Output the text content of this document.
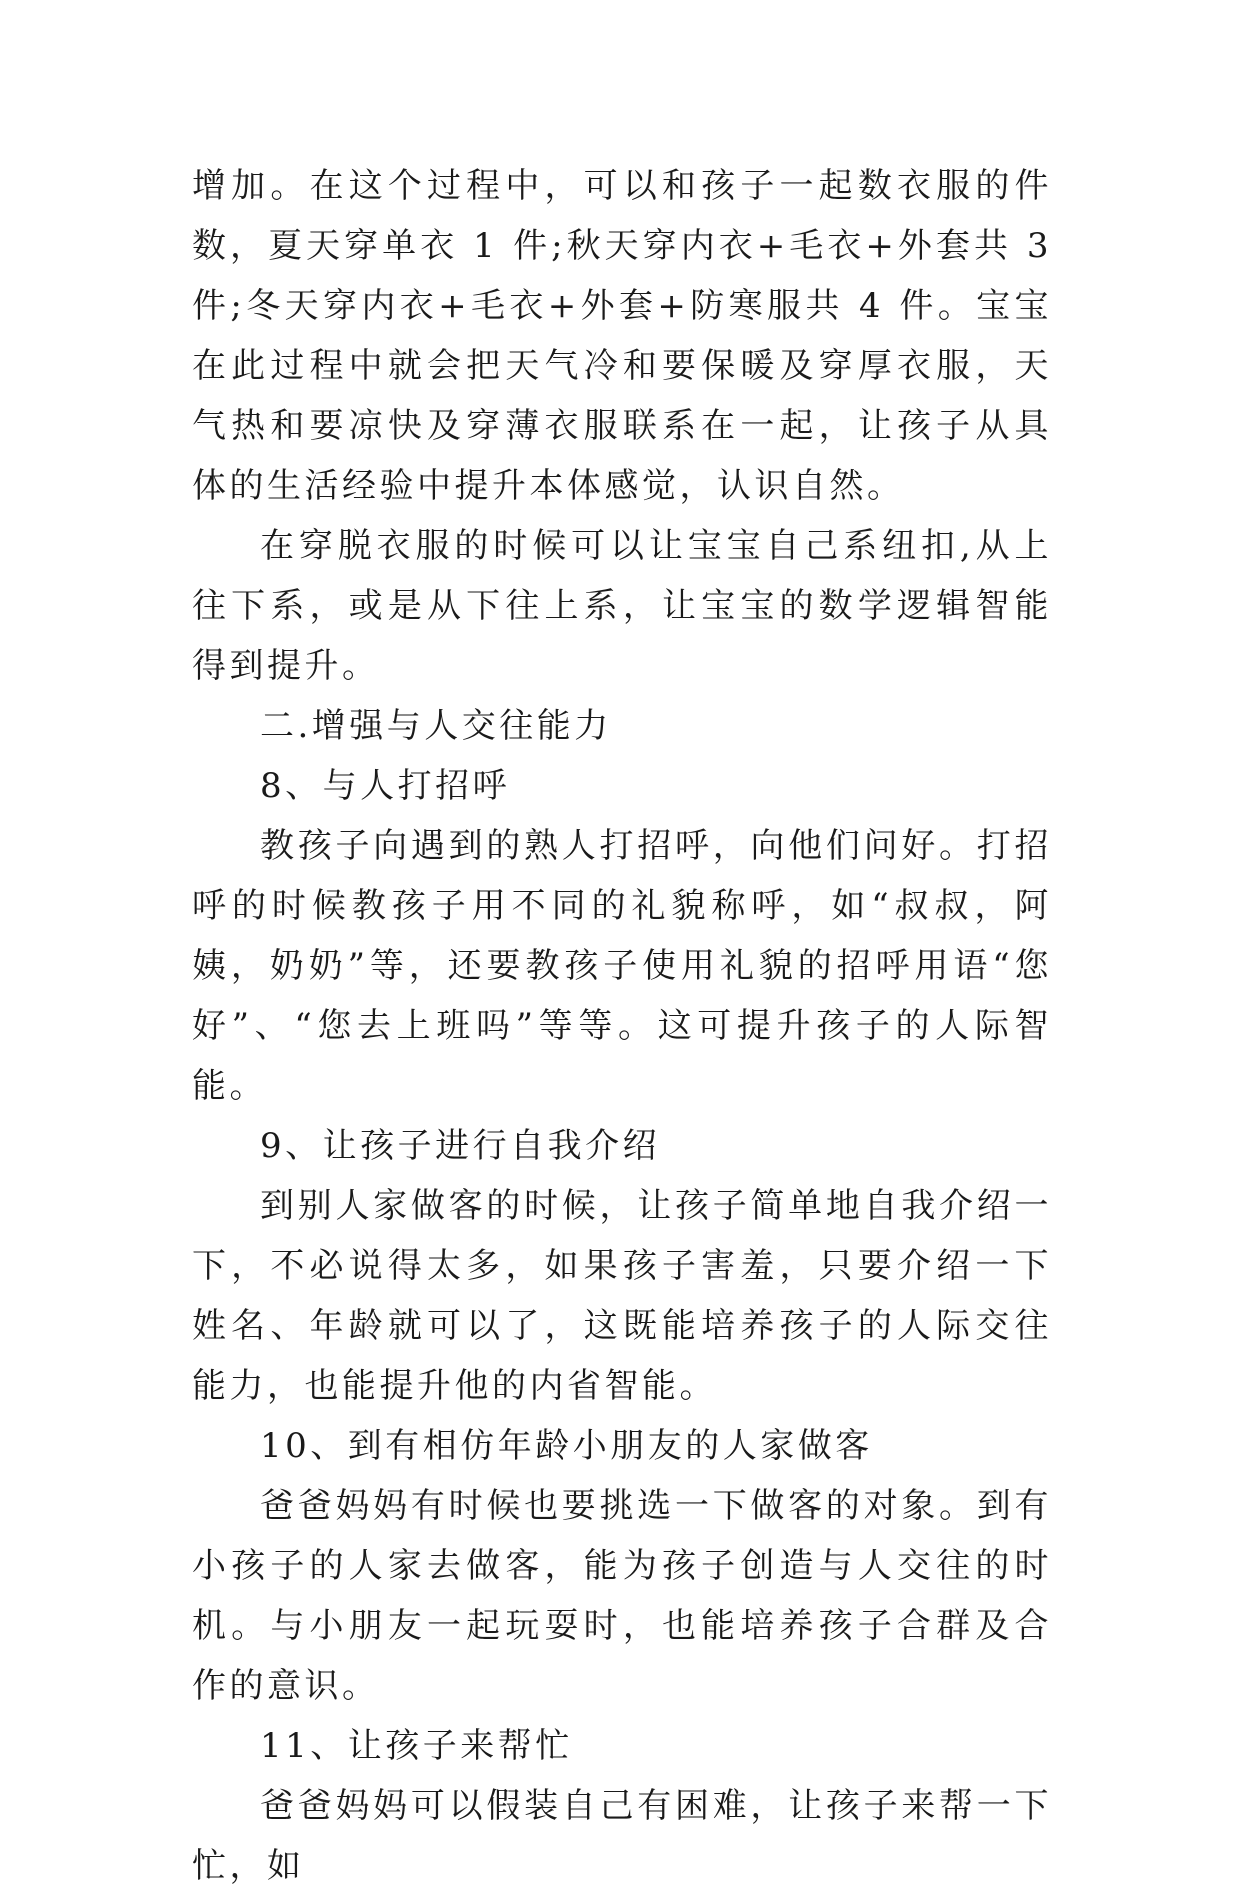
增加。在这个过程中，可以和孩子一起数衣服的件数，夏天穿单衣 1 件;秋天穿内衣+毛衣+外套共 3 件;冬天穿内衣+毛衣+外套+防寒服共 4 件。宝宝在此过程中就会把天气冷和要保暖及穿厚衣服，天气热和要凉快及穿薄衣服联系在一起，让孩子从具体的生活经验中提升本体感觉，认识自然。

在穿脱衣服的时候可以让宝宝自己系纽扣,从上往下系，或是从下往上系，让宝宝的数学逻辑智能得到提升。

二.增强与人交往能力

8、与人打招呼

教孩子向遇到的熟人打招呼，向他们问好。打招呼的时候教孩子用不同的礼貌称呼，如“叔叔，阿姨，奶奶”等，还要教孩子使用礼貌的招呼用语“您好”、“您去上班吗”等等。这可提升孩子的人际智能。

9、让孩子进行自我介绍

到别人家做客的时候，让孩子简单地自我介绍一下，不必说得太多，如果孩子害羞，只要介绍一下姓名、年龄就可以了，这既能培养孩子的人际交往能力，也能提升他的内省智能。

10、到有相仿年龄小朋友的人家做客

爸爸妈妈有时候也要挑选一下做客的对象。到有小孩子的人家去做客，能为孩子创造与人交往的时机。与小朋友一起玩耍时，也能培养孩子合群及合作的意识。

11、让孩子来帮忙

爸爸妈妈可以假装自己有困难，让孩子来帮一下忙，如
